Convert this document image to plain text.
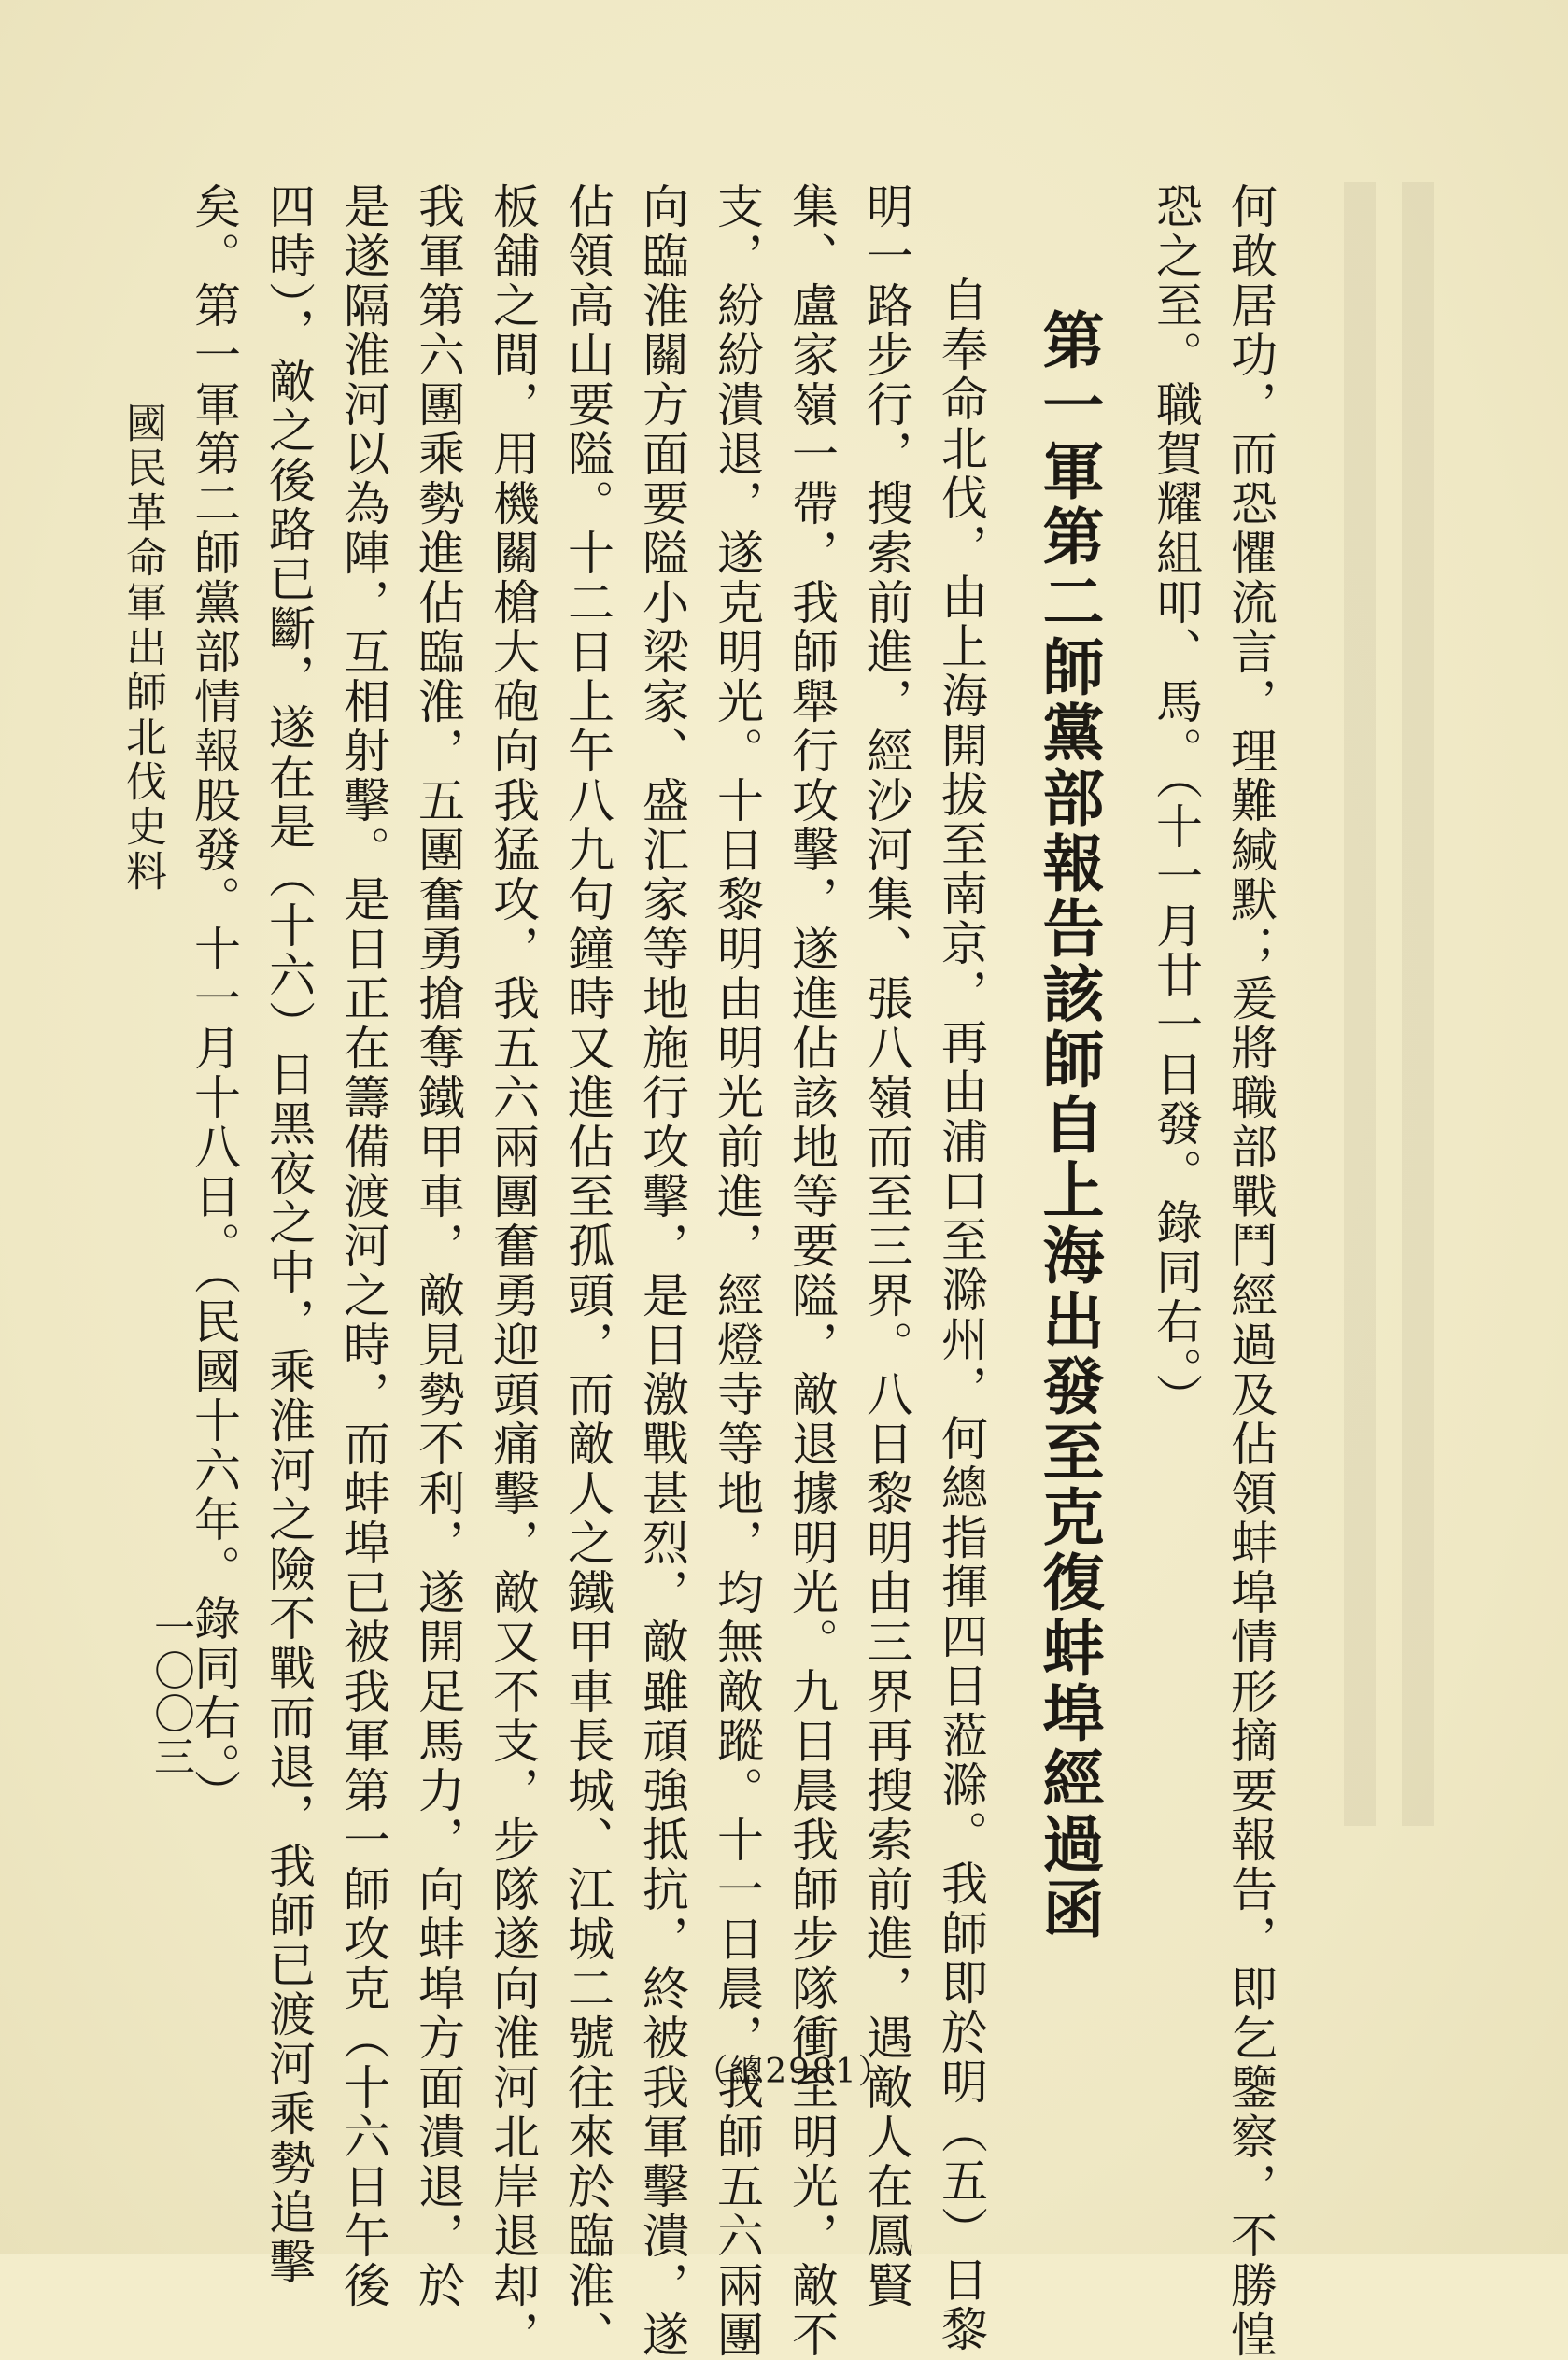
何敢居功，而恐懼流言，理難緘默；爰將職部戰鬥經過及佔領蚌埠情形摘要報告，即乞鑒察，不勝惶
恐之至。職賀耀組叩、馬。（十一月廿一日發。錄同右。）
第一軍第二師黨部報告該師自上海出發至克復蚌埠經過函
自奉命北伐，由上海開拔至南京，再由浦口至滁州，何總指揮四日蒞滁。我師即於明（五）日黎
明一路步行，搜索前進，經沙河集、張八嶺而至三界。八日黎明由三界再搜索前進，遇敵人在鳳賢
集、盧家嶺一帶，我師舉行攻擊，遂進佔該地等要隘，敵退據明光。九日晨我師步隊衝至明光，敵不
支，紛紛潰退，遂克明光。十日黎明由明光前進，經燈寺等地，均無敵蹤。十一日晨，我師五六兩團
向臨淮關方面要隘小梁家、盛汇家等地施行攻擊，是日激戰甚烈，敵雖頑強抵抗，終被我軍擊潰，遂
佔領高山要隘。十二日上午八九句鐘時又進佔至孤頭，而敵人之鐵甲車長城、江城二號往來於臨淮、
板舖之間，用機關槍大砲向我猛攻，我五六兩團奮勇迎頭痛擊，敵又不支，步隊遂向淮河北岸退却，
我軍第六團乘勢進佔臨淮，五團奮勇搶奪鐵甲車，敵見勢不利，遂開足馬力，向蚌埠方面潰退，於
是遂隔淮河以為陣，互相射擊。是日正在籌備渡河之時，而蚌埠已被我軍第一師攻克（十六日午後
四時），敵之後路已斷，遂在是（十六）日黑夜之中，乘淮河之險不戰而退，我師已渡河乘勢追擊
矣。第一軍第二師黨部情報股發。十一月十八日。（民國十六年。錄同右。）
（總2981）
國民革命軍出師北伐史料
一〇〇三
